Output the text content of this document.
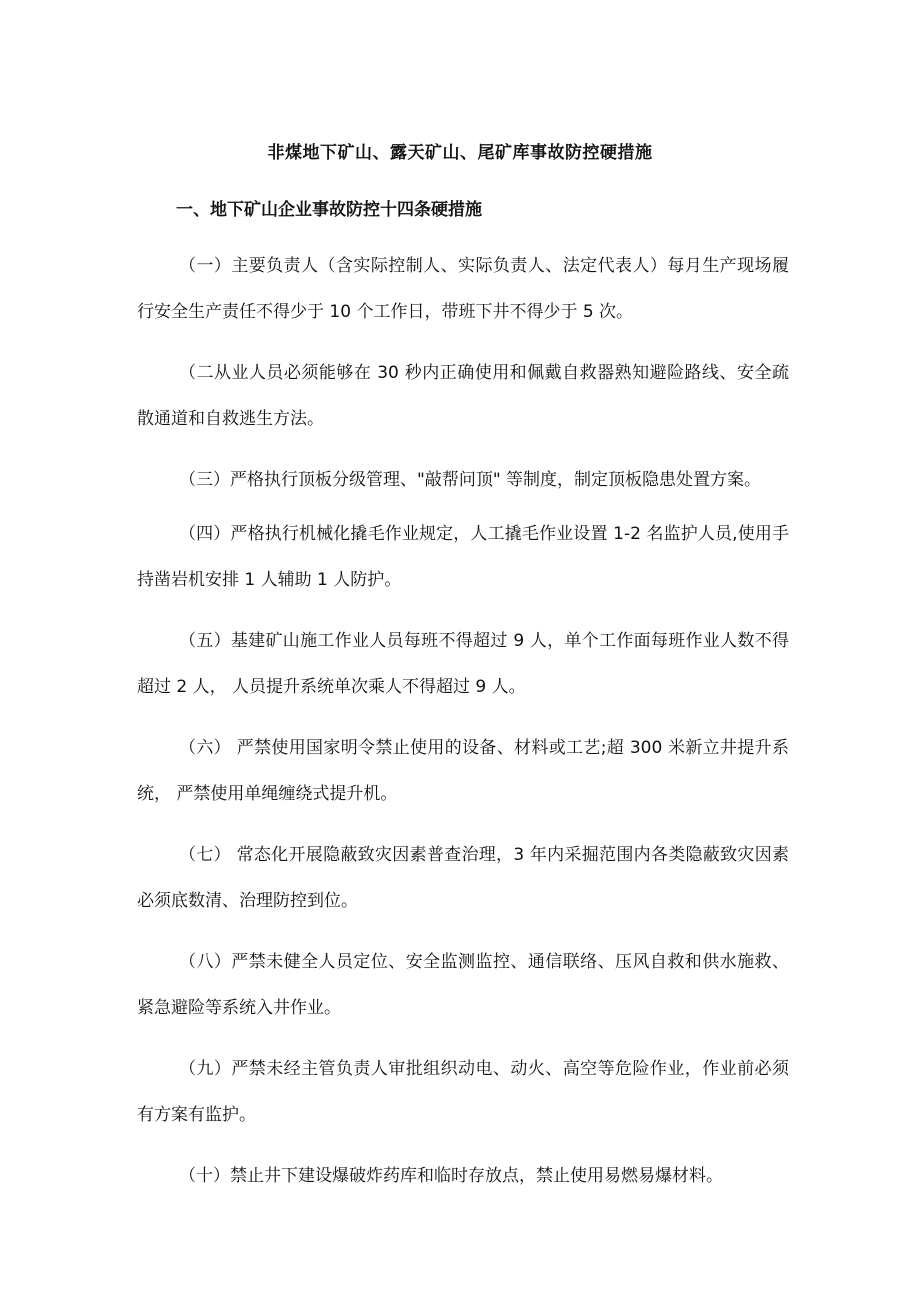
非煤地下矿山、露天矿山、尾矿库事故防控硬措施
一、地下矿山企业事故防控十四条硬措施

（一）主要负责人（含实际控制人、实际负责人、法定代表人）每月生产现场履行安全生产责任不得少于 10 个工作日，带班下井不得少于 5 次。

（二从业人员必须能够在 30 秒内正确使用和佩戴自救器熟知避险路线、安全疏散通道和自救逃生方法。

（三）严格执行顶板分级管理、"敲帮问顶" 等制度，制定顶板隐患处置方案。

（四）严格执行机械化撬毛作业规定，人工撬毛作业设置 1-2 名监护人员,使用手持凿岩机安排 1 人辅助 1 人防护。

（五）基建矿山施工作业人员每班不得超过 9 人，单个工作面每班作业人数不得超过 2 人， 人员提升系统单次乘人不得超过 9 人。

（六） 严禁使用国家明令禁止使用的设备、材料或工艺;超 300 米新立井提升系统， 严禁使用单绳缠绕式提升机。

（七） 常态化开展隐蔽致灾因素普查治理，3 年内采掘范围内各类隐蔽致灾因素必须底数清、治理防控到位。

（八）严禁未健全人员定位、安全监测监控、通信联络、压风自救和供水施救、紧急避险等系统入井作业。

（九）严禁未经主管负责人审批组织动电、动火、高空等危险作业，作业前必须有方案有监护。

（十）禁止井下建设爆破炸药库和临时存放点，禁止使用易燃易爆材料。
